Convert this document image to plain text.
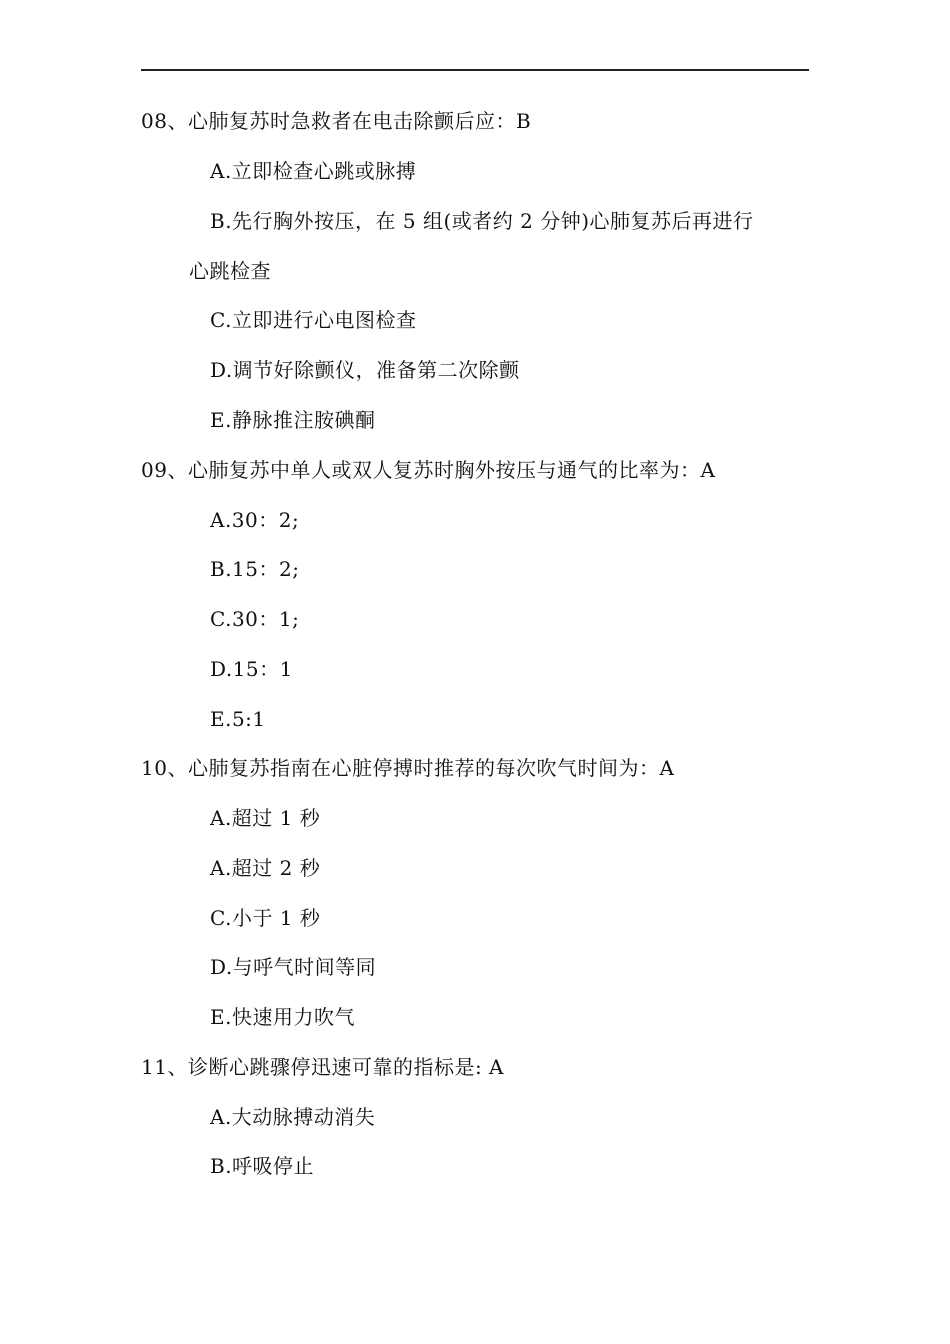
08、心肺复苏时急救者在电击除颤后应：B
A.立即检查心跳或脉搏
B.先行胸外按压，在 5 组(或者约 2 分钟)心肺复苏后再进行
心跳检查
C.立即进行心电图检查
D.调节好除颤仪，准备第二次除颤
E.静脉推注胺碘酮
09、心肺复苏中单人或双人复苏时胸外按压与通气的比率为：A
A.30：2;
B.15：2;
C.30：1;
D.15：1
E.5:1
10、心肺复苏指南在心脏停搏时推荐的每次吹气时间为：A
A.超过 1 秒
A.超过 2 秒
C.小于 1 秒
D.与呼气时间等同
E.快速用力吹气
11、诊断心跳骤停迅速可靠的指标是: A
A.大动脉搏动消失
B.呼吸停止
